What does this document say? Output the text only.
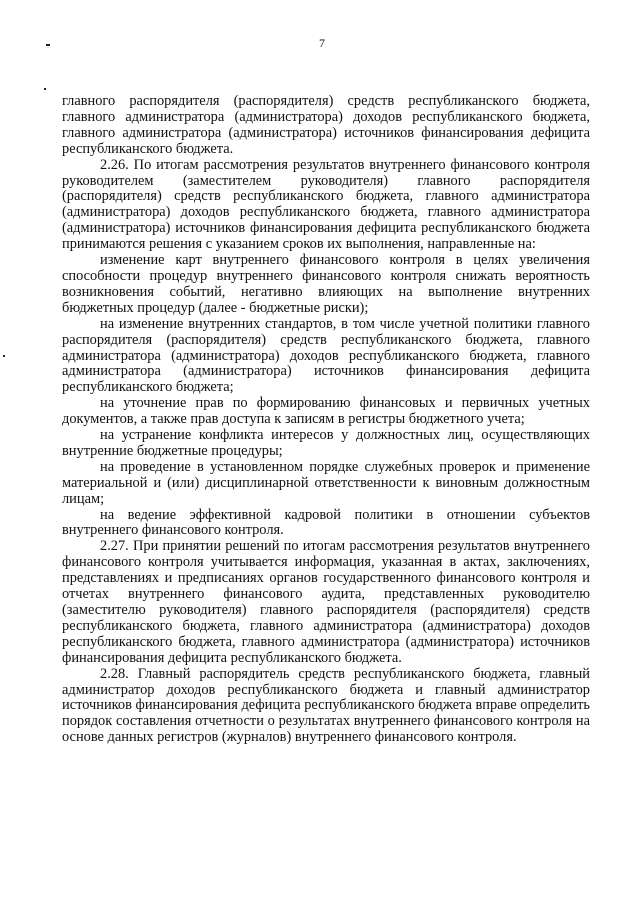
7

главного распорядителя (распорядителя) средств республиканского бюджета, главного администратора (администратора) доходов республиканского бюджета, главного администратора (администратора) источников финансирования дефицита республиканского бюджета.

2.26. По итогам рассмотрения результатов внутреннего финансового контроля руководителем (заместителем руководителя) главного распорядителя (распорядителя) средств республиканского бюджета, главного администратора (администратора) доходов республиканского бюджета, главного администратора (администратора) источников финансирования дефицита республиканского бюджета принимаются решения с указанием сроков их выполнения, направленные на:

изменение карт внутреннего финансового контроля в целях увеличения способности процедур внутреннего финансового контроля снижать вероятность возникновения событий, негативно влияющих на выполнение внутренних бюджетных процедур (далее - бюджетные риски);

на изменение внутренних стандартов, в том числе учетной политики главного распорядителя (распорядителя) средств республиканского бюджета, главного администратора (администратора) доходов республиканского бюджета, главного администратора (администратора) источников финансирования дефицита республиканского бюджета;

на уточнение прав по формированию финансовых и первичных учетных документов, а также прав доступа к записям в регистры бюджетного учета;

на устранение конфликта интересов у должностных лиц, осуществляющих внутренние бюджетные процедуры;

на проведение в установленном порядке служебных проверок и применение материальной и (или) дисциплинарной ответственности к виновным должностным лицам;

на ведение эффективной кадровой политики в отношении субъектов внутреннего финансового контроля.

2.27. При принятии решений по итогам рассмотрения результатов внутреннего финансового контроля учитывается информация, указанная в актах, заключениях, представлениях и предписаниях органов государственного финансового контроля и отчетах внутреннего финансового аудита, представленных руководителю (заместителю руководителя) главного распорядителя (распорядителя) средств республиканского бюджета, главного администратора (администратора) доходов республиканского бюджета, главного администратора (администратора) источников финансирования дефицита республиканского бюджета.

2.28. Главный распорядитель средств республиканского бюджета, главный администратор доходов республиканского бюджета и главный администратор источников финансирования дефицита республиканского бюджета вправе определить порядок составления отчетности о результатах внутреннего финансового контроля на основе данных регистров (журналов) внутреннего финансового контроля.
